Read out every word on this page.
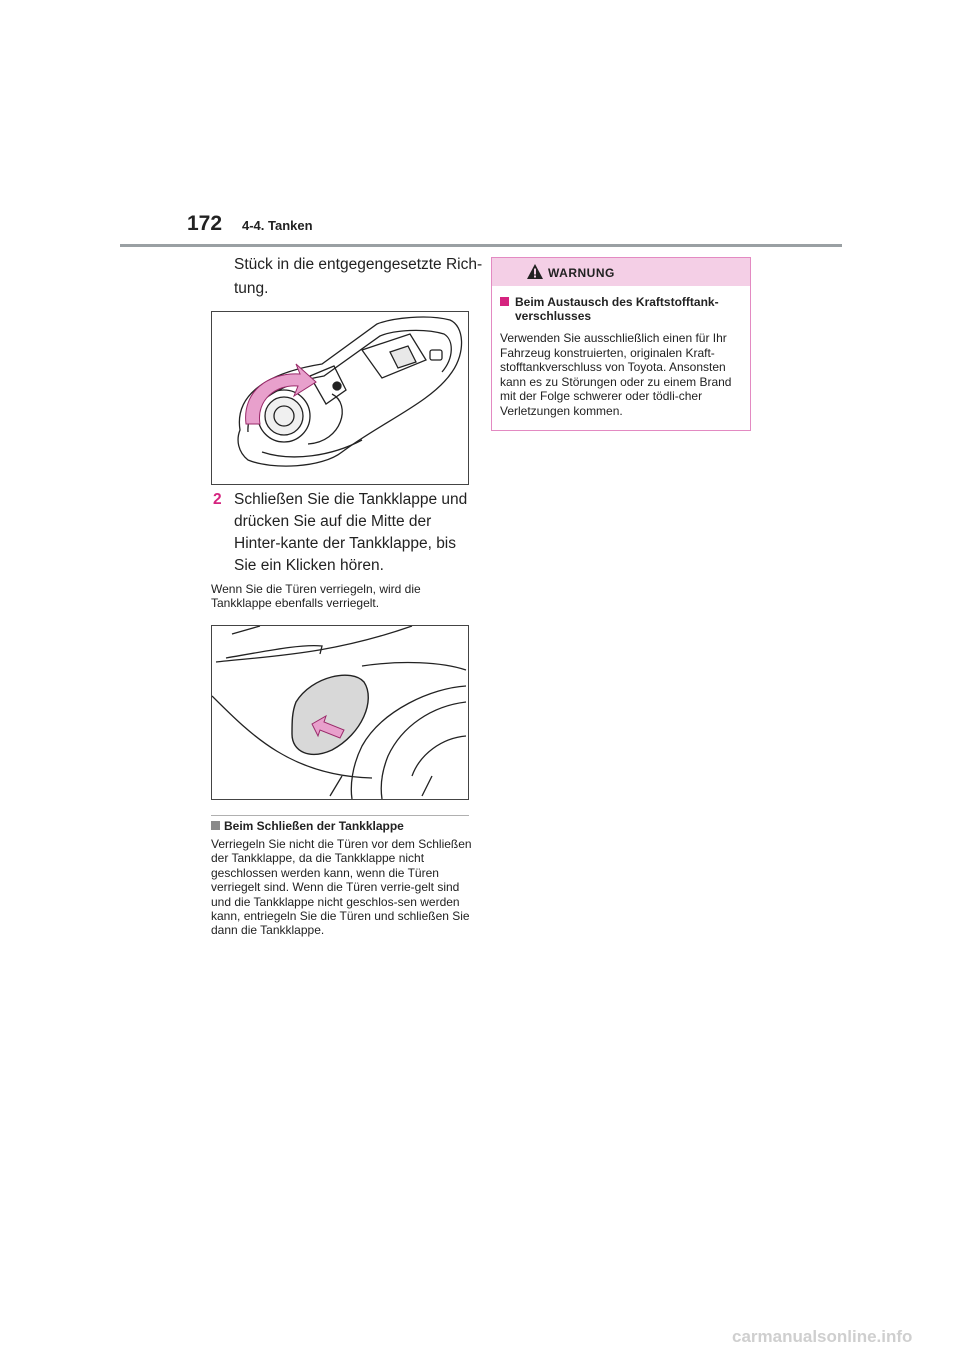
172 4-4. Tanken
Stück in die entgegengesetzte Rich-tung.
2 Schließen Sie die Tankklappe und drücken Sie auf die Mitte der Hinter-kante der Tankklappe, bis Sie ein Klicken hören.
Wenn Sie die Türen verriegeln, wird die Tankklappe ebenfalls verriegelt.
Beim Schließen der Tankklappe
Verriegeln Sie nicht die Türen vor dem Schließen der Tankklappe, da die Tankklappe nicht geschlossen werden kann, wenn die Türen verriegelt sind. Wenn die Türen verrie-gelt sind und die Tankklappe nicht geschlos-sen werden kann, entriegeln Sie die Türen und schließen Sie dann die Tankklappe.
WARNUNG
Beim Austausch des Kraftstofftank-verschlusses
Verwenden Sie ausschließlich einen für Ihr Fahrzeug konstruierten, originalen Kraft-stofftankverschluss von Toyota. Ansonsten kann es zu Störungen oder zu einem Brand mit der Folge schwerer oder tödli-cher Verletzungen kommen.
carmanualsonline.info
